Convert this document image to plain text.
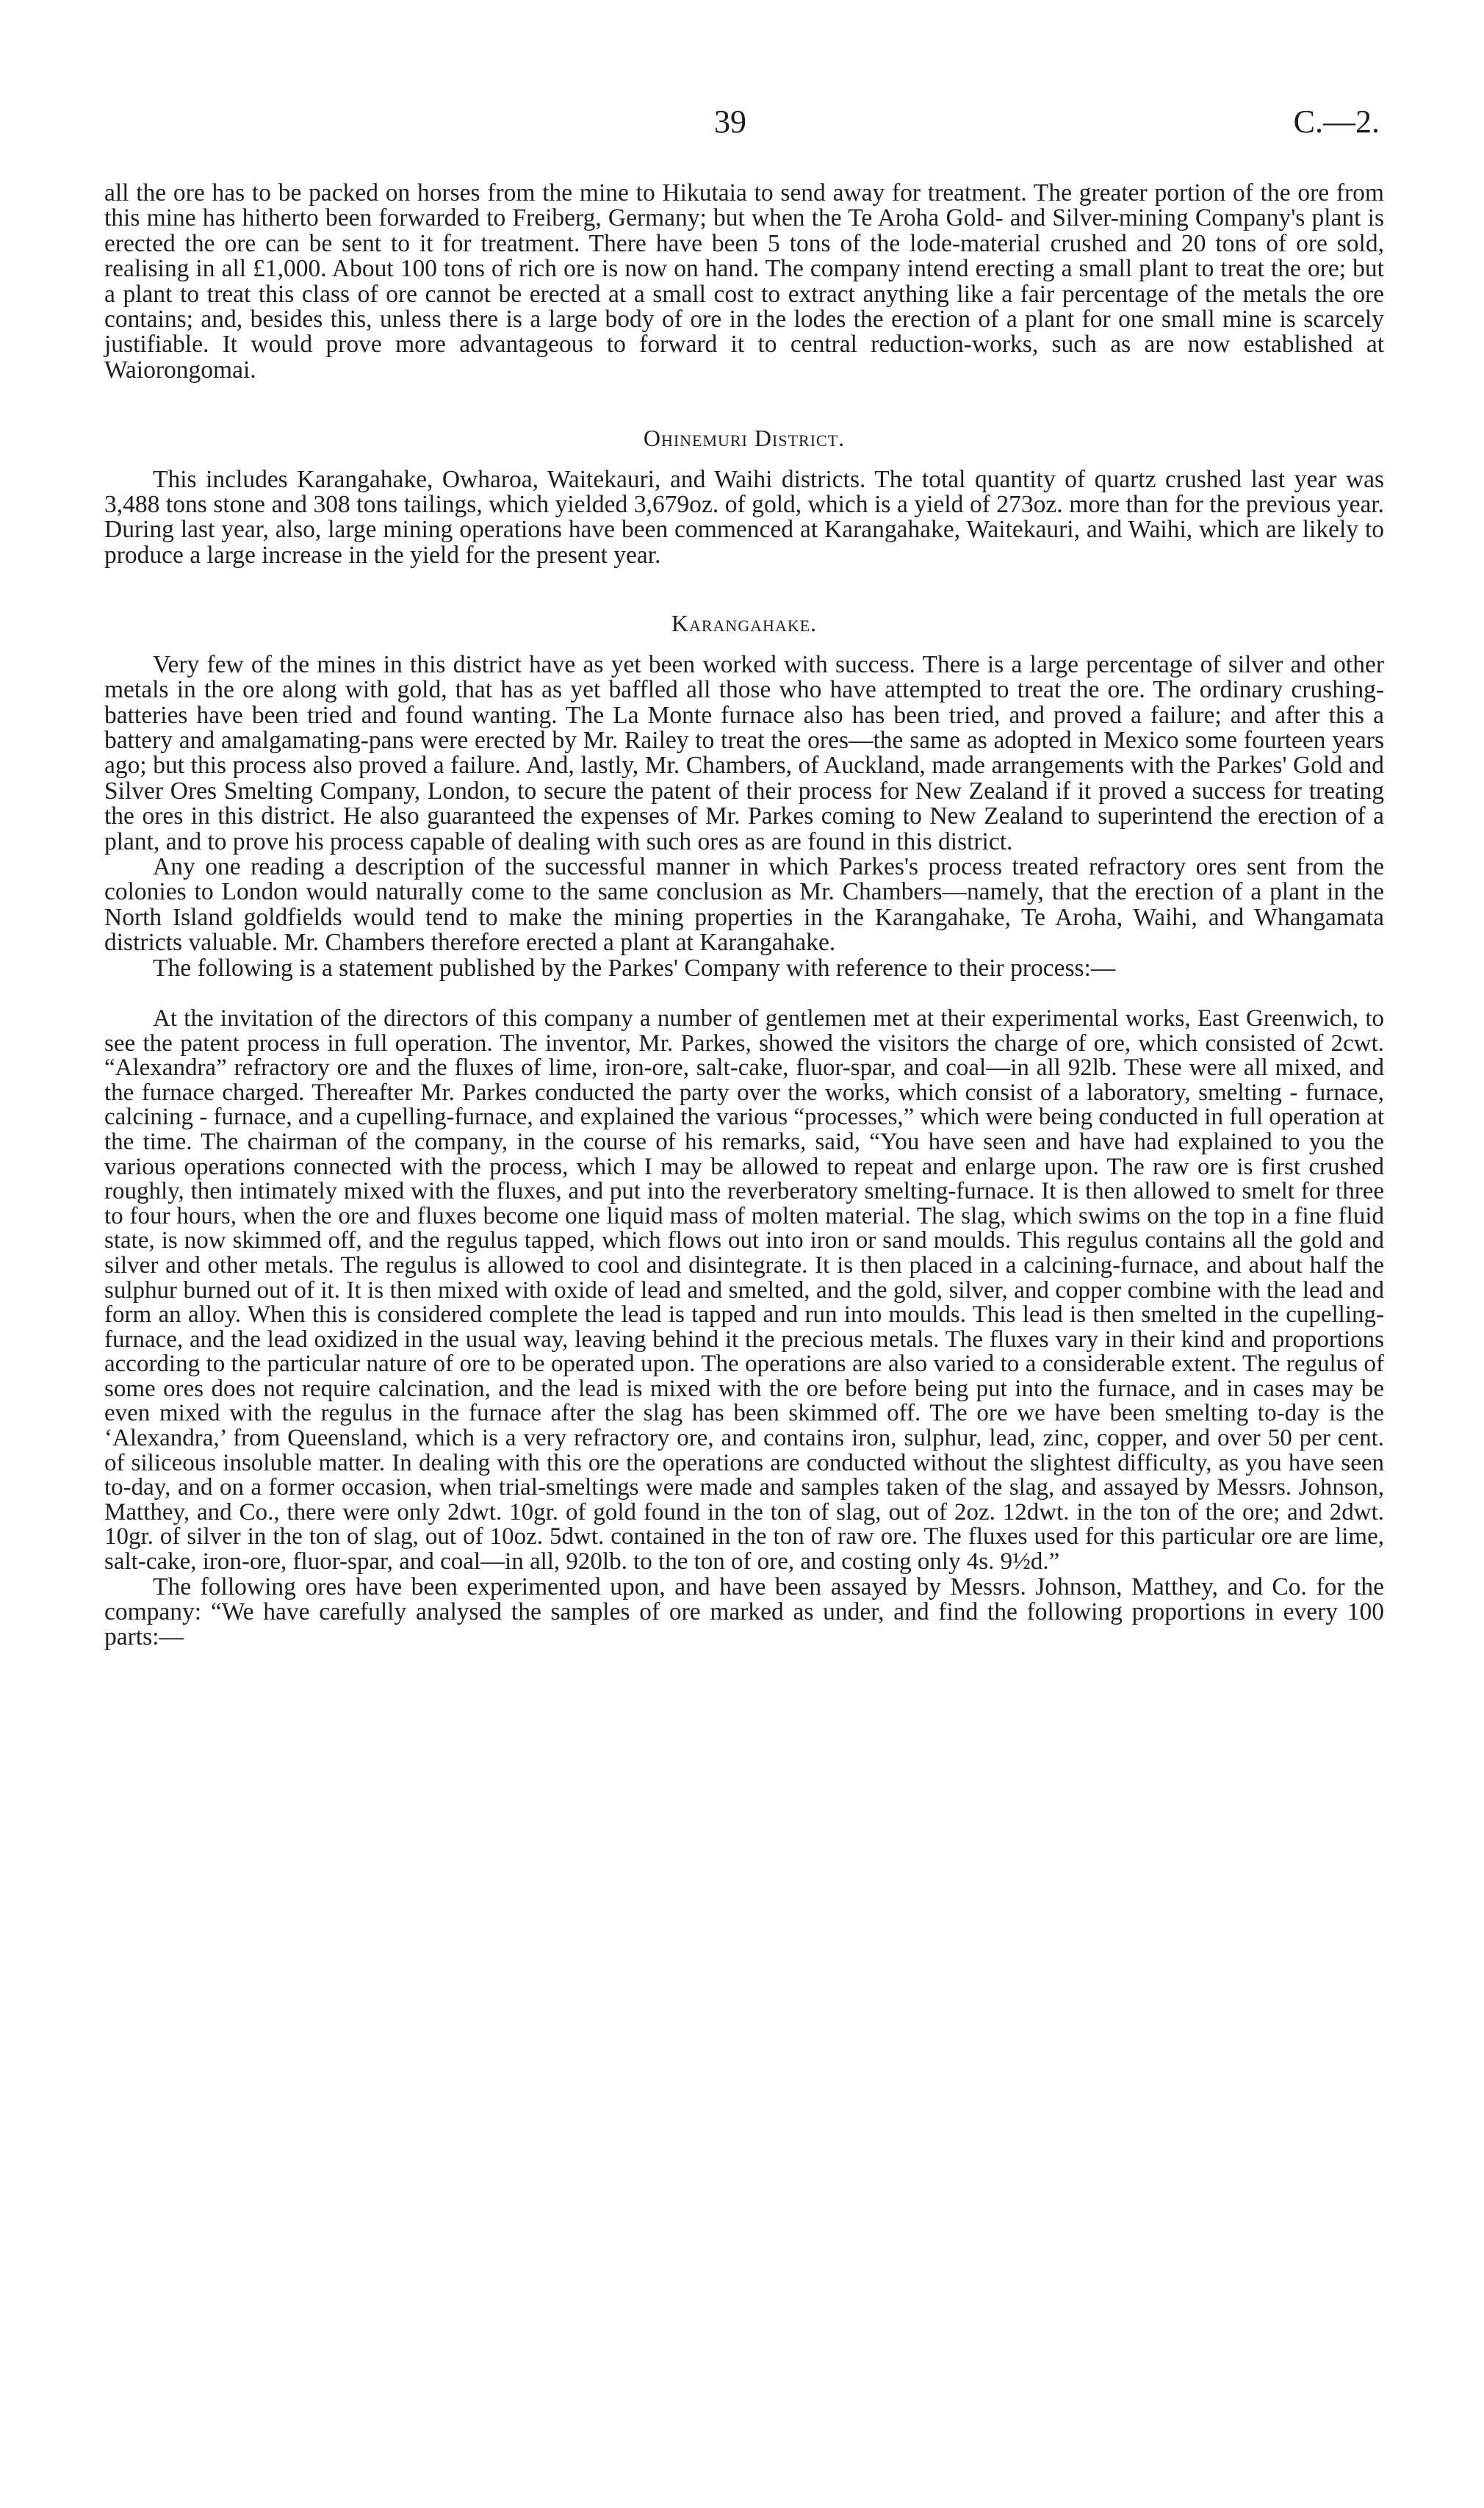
39	C.—2.

all the ore has to be packed on horses from the mine to Hikutaia to send away for treatment. The greater portion of the ore from this mine has hitherto been forwarded to Freiberg, Germany; but when the Te Aroha Gold- and Silver-mining Company's plant is erected the ore can be sent to it for treatment. There have been 5 tons of the lode-material crushed and 20 tons of ore sold, realising in all £1,000. About 100 tons of rich ore is now on hand. The company intend erecting a small plant to treat the ore; but a plant to treat this class of ore cannot be erected at a small cost to extract anything like a fair percentage of the metals the ore contains; and, besides this, unless there is a large body of ore in the lodes the erection of a plant for one small mine is scarcely justifiable. It would prove more advantageous to forward it to central reduction-works, such as are now established at Waiorongomai.

Ohinemuri District.

This includes Karangahake, Owharoa, Waitekauri, and Waihi districts. The total quantity of quartz crushed last year was 3,488 tons stone and 308 tons tailings, which yielded 3,679oz. of gold, which is a yield of 273oz. more than for the previous year. During last year, also, large mining operations have been commenced at Karangahake, Waitekauri, and Waihi, which are likely to produce a large increase in the yield for the present year.

Karangahake.

Very few of the mines in this district have as yet been worked with success. There is a large percentage of silver and other metals in the ore along with gold, that has as yet baffled all those who have attempted to treat the ore. The ordinary crushing-batteries have been tried and found wanting. The La Monte furnace also has been tried, and proved a failure; and after this a battery and amalgamating-pans were erected by Mr. Railey to treat the ores—the same as adopted in Mexico some fourteen years ago; but this process also proved a failure. And, lastly, Mr. Chambers, of Auckland, made arrangements with the Parkes' Gold and Silver Ores Smelting Company, London, to secure the patent of their process for New Zealand if it proved a success for treating the ores in this district. He also guaranteed the expenses of Mr. Parkes coming to New Zealand to superintend the erection of a plant, and to prove his process capable of dealing with such ores as are found in this district.

Any one reading a description of the successful manner in which Parkes's process treated refractory ores sent from the colonies to London would naturally come to the same conclusion as Mr. Chambers—namely, that the erection of a plant in the North Island goldfields would tend to make the mining properties in the Karangahake, Te Aroha, Waihi, and Whangamata districts valuable. Mr. Chambers therefore erected a plant at Karangahake.

The following is a statement published by the Parkes' Company with reference to their process:—

At the invitation of the directors of this company a number of gentlemen met at their experimental works, East Greenwich, to see the patent process in full operation. The inventor, Mr. Parkes, showed the visitors the charge of ore, which consisted of 2cwt. “Alexandra” refractory ore and the fluxes of lime, iron-ore, salt-cake, fluor-spar, and coal—in all 92lb. These were all mixed, and the furnace charged. Thereafter Mr. Parkes conducted the party over the works, which consist of a laboratory, smelting - furnace, calcining - furnace, and a cupelling-furnace, and explained the various “processes,” which were being conducted in full operation at the time. The chairman of the company, in the course of his remarks, said, “You have seen and have had explained to you the various operations connected with the process, which I may be allowed to repeat and enlarge upon. The raw ore is first crushed roughly, then intimately mixed with the fluxes, and put into the reverberatory smelting-furnace. It is then allowed to smelt for three to four hours, when the ore and fluxes become one liquid mass of molten material. The slag, which swims on the top in a fine fluid state, is now skimmed off, and the regulus tapped, which flows out into iron or sand moulds. This regulus contains all the gold and silver and other metals. The regulus is allowed to cool and disintegrate. It is then placed in a calcining-furnace, and about half the sulphur burned out of it. It is then mixed with oxide of lead and smelted, and the gold, silver, and copper combine with the lead and form an alloy. When this is considered complete the lead is tapped and run into moulds. This lead is then smelted in the cupelling-furnace, and the lead oxidized in the usual way, leaving behind it the precious metals. The fluxes vary in their kind and proportions according to the particular nature of ore to be operated upon. The operations are also varied to a considerable extent. The regulus of some ores does not require calcination, and the lead is mixed with the ore before being put into the furnace, and in cases may be even mixed with the regulus in the furnace after the slag has been skimmed off. The ore we have been smelting to-day is the ‘Alexandra,’ from Queensland, which is a very refractory ore, and contains iron, sulphur, lead, zinc, copper, and over 50 per cent. of siliceous insoluble matter. In dealing with this ore the operations are conducted without the slightest difficulty, as you have seen to-day, and on a former occasion, when trial-smeltings were made and samples taken of the slag, and assayed by Messrs. Johnson, Matthey, and Co., there were only 2dwt. 10gr. of gold found in the ton of slag, out of 2oz. 12dwt. in the ton of the ore; and 2dwt. 10gr. of silver in the ton of slag, out of 10oz. 5dwt. contained in the ton of raw ore. The fluxes used for this particular ore are lime, salt-cake, iron-ore, fluor-spar, and coal—in all, 920lb. to the ton of ore, and costing only 4s. 9½d.”

The following ores have been experimented upon, and have been assayed by Messrs. Johnson, Matthey, and Co. for the company: “We have carefully analysed the samples of ore marked as under, and find the following proportions in every 100 parts:—
